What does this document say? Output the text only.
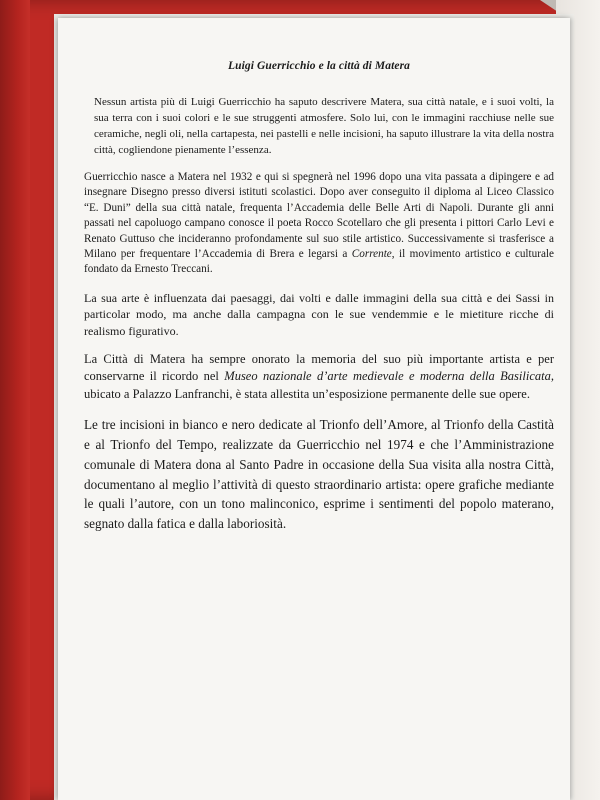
Luigi Guerricchio e la città di Matera

Nessun artista più di Luigi Guerricchio ha saputo descrivere Matera, sua città natale, e i suoi volti, la sua terra con i suoi colori e le sue struggenti atmosfere. Solo lui, con le immagini racchiuse nelle sue ceramiche, negli oli, nella cartapesta, nei pastelli e nelle incisioni, ha saputo illustrare la vita della nostra città, cogliendone pienamente l’essenza.

Guerricchio nasce a Matera nel 1932 e qui si spegnerà nel 1996 dopo una vita passata a dipingere e ad insegnare Disegno presso diversi istituti scolastici. Dopo aver conseguito il diploma al Liceo Classico “E. Duni” della sua città natale, frequenta l’Accademia delle Belle Arti di Napoli. Durante gli anni passati nel capoluogo campano conosce il poeta Rocco Scotellaro che gli presenta i pittori Carlo Levi e Renato Guttuso che incideranno profondamente sul suo stile artistico. Successivamente si trasferisce a Milano per frequentare l’Accademia di Brera e legarsi a Corrente, il movimento artistico e culturale fondato da Ernesto Treccani.

La sua arte è influenzata dai paesaggi, dai volti e dalle immagini della sua città e dei Sassi in particolar modo, ma anche dalla campagna con le sue vendemmie e le mietiture ricche di realismo figurativo.

La Città di Matera ha sempre onorato la memoria del suo più importante artista e per conservarne il ricordo nel Museo nazionale d’arte medievale e moderna della Basilicata, ubicato a Palazzo Lanfranchi, è stata allestita un’esposizione permanente delle sue opere.

Le tre incisioni in bianco e nero dedicate al Trionfo dell’Amore, al Trionfo della Castità e al Trionfo del Tempo, realizzate da Guerricchio nel 1974 e che l’Amministrazione comunale di Matera dona al Santo Padre in occasione della Sua visita alla nostra Città, documentano al meglio l’attività di questo straordinario artista: opere grafiche mediante le quali l’autore, con un tono malinconico, esprime i sentimenti del popolo materano, segnato dalla fatica e dalla laboriosità.
